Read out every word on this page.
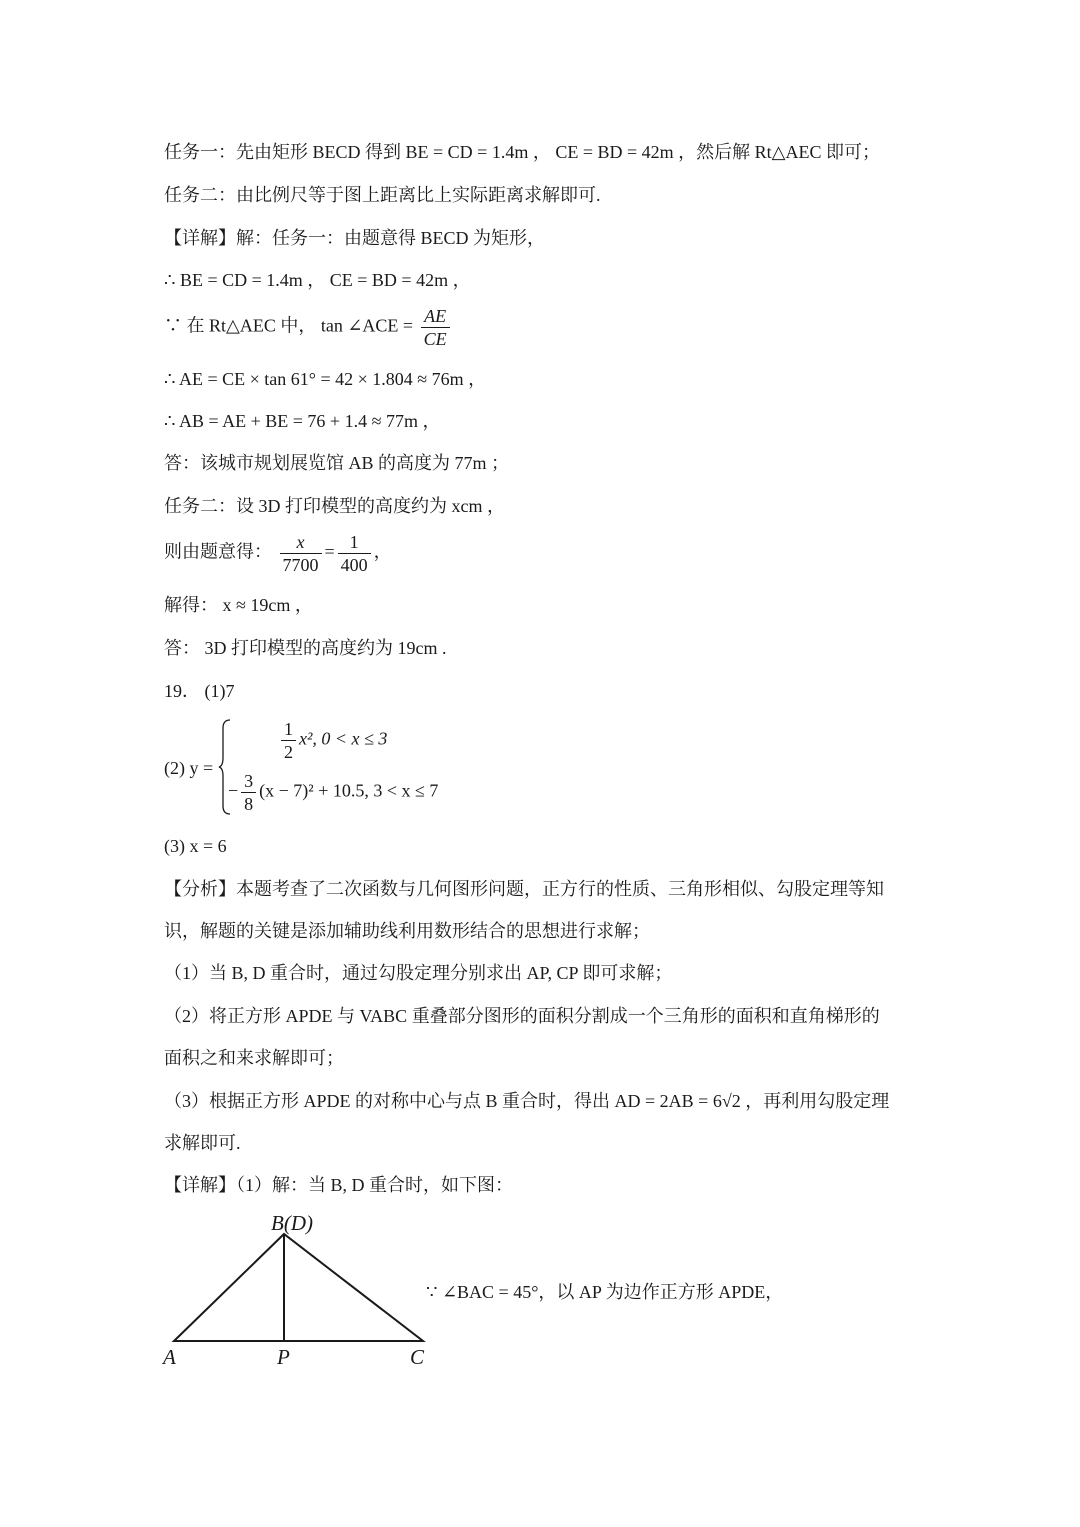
任务一：先由矩形 BECD 得到 BE = CD = 1.4m ， CE = BD = 42m ，然后解 Rt△AEC 即可；
任务二：由比例尺等于图上距离比上实际距离求解即可.
【详解】解：任务一：由题意得 BECD 为矩形，
∴ BE = CD = 1.4m ， CE = BD = 42m ，
∵ 在 Rt△AEC 中， tan ∠ACE = $\frac{AE}{CE}$
∴ AE = CE × tan 61° = 42 × 1.804 ≈ 76m ，
∴ AB = AE + BE = 76 + 1.4 ≈ 77m ，
答：该城市规划展览馆 AB 的高度为 77m ；
任务二：设 3D 打印模型的高度约为 xcm ，
则由题意得： $\frac{x}{7700} = \frac{1}{400}$ ，
解得： x ≈ 19cm ，
答： 3D 打印模型的高度约为 19cm .
19． (1)7
(2) y =
$\frac{1}{2} x^2$, 0 < x ≤ 3
− $\frac{3}{8} (x - 7)^2 + 10.5$, 3 < x ≤ 7
(3) x = 6
【分析】本题考查了二次函数与几何图形问题，正方行的性质、三角形相似、勾股定理等知
识，解题的关键是添加辅助线利用数形结合的思想进行求解；
（1）当 B, D 重合时，通过勾股定理分别求出 AP, CP 即可求解；
（2）将正方形 APDE 与 VABC 重叠部分图形的面积分割成一个三角形的面积和直角梯形的
面积之和来求解即可；
（3）根据正方形 APDE 的对称中心与点 B 重合时，得出 AD = 2AB = 6√2 ，再利用勾股定理
求解即可.
【详解】（1）解：当 B, D 重合时，如下图：
B(D)
A	P	C
∵ ∠BAC = 45°，以 AP 为边作正方形 APDE，
